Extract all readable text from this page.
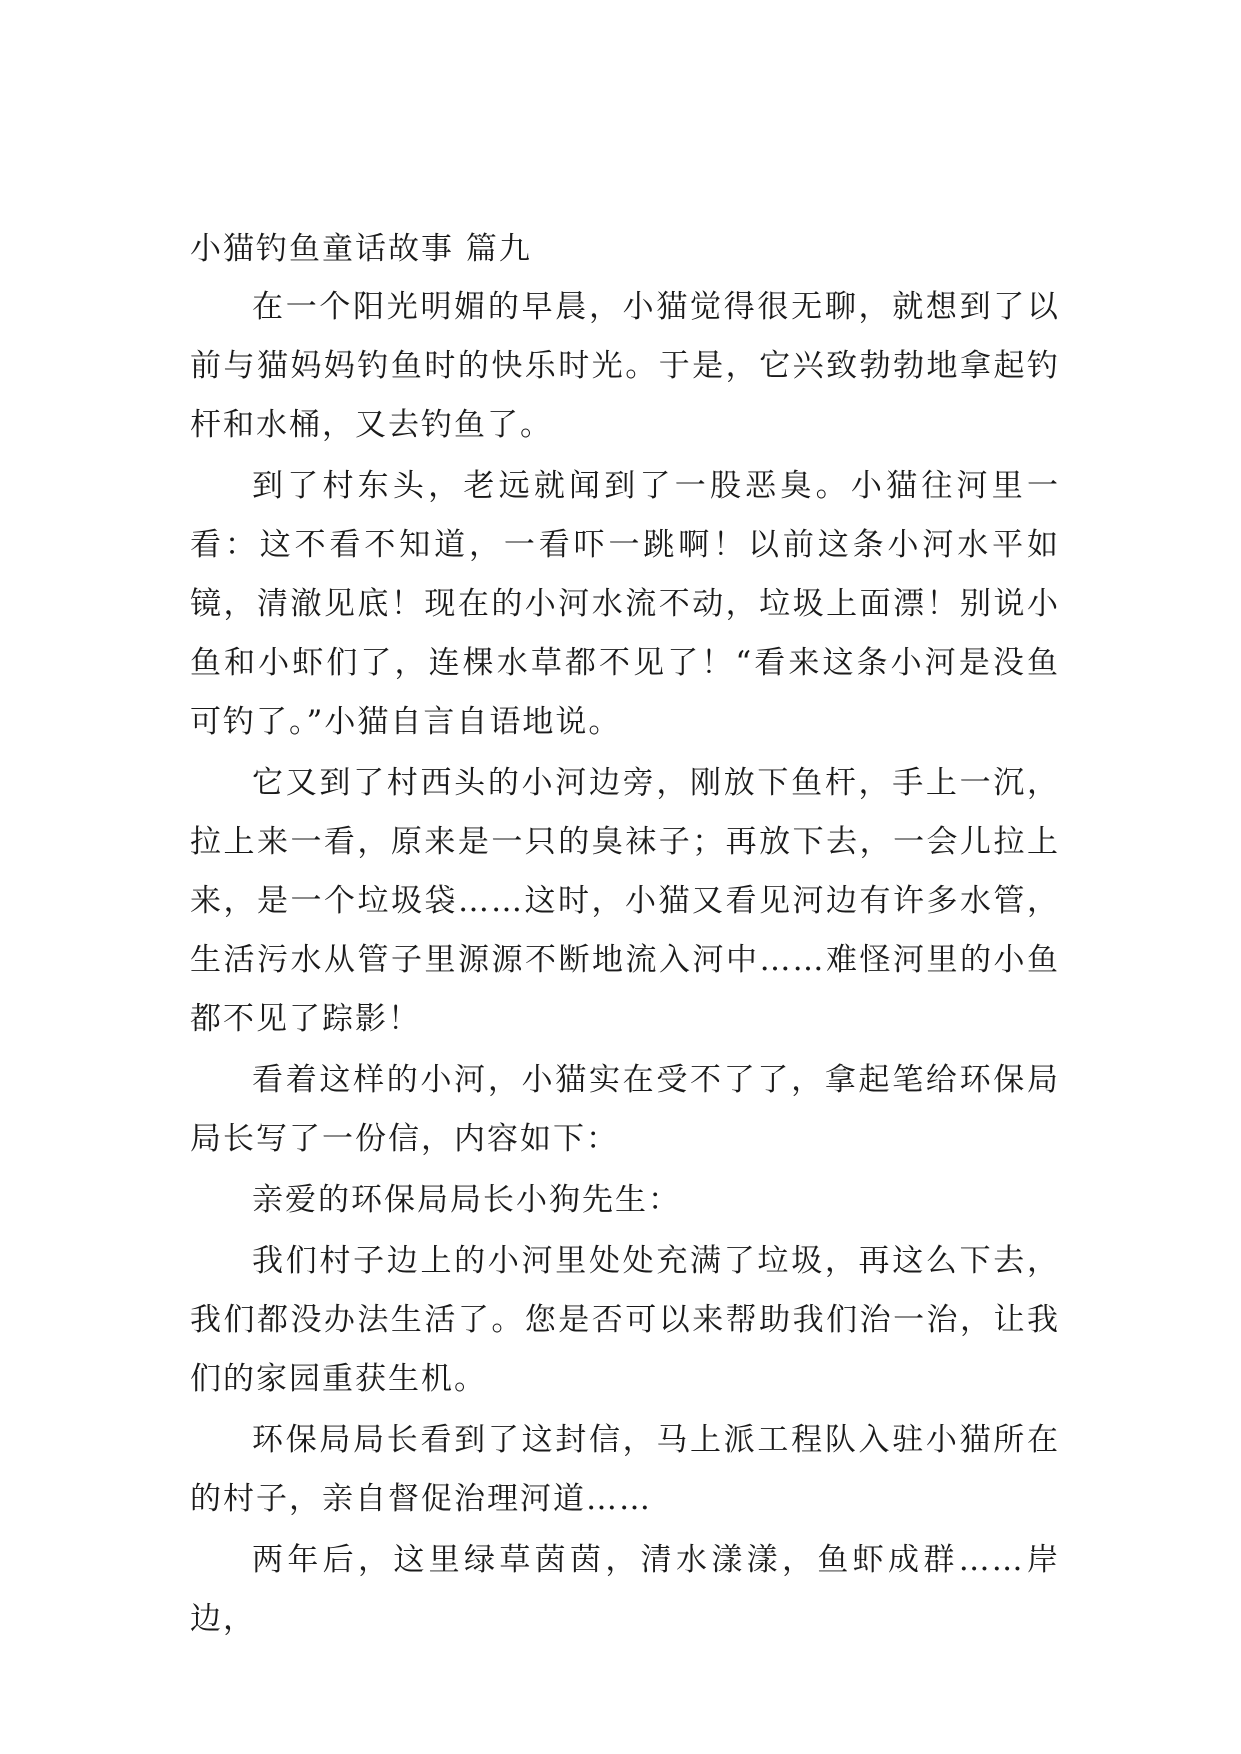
小猫钓鱼童话故事 篇九

在一个阳光明媚的早晨，小猫觉得很无聊，就想到了以前与猫妈妈钓鱼时的快乐时光。于是，它兴致勃勃地拿起钓杆和水桶，又去钓鱼了。

到了村东头，老远就闻到了一股恶臭。小猫往河里一看：这不看不知道，一看吓一跳啊！以前这条小河水平如镜，清澈见底！现在的小河水流不动，垃圾上面漂！别说小鱼和小虾们了，连棵水草都不见了！“看来这条小河是没鱼可钓了。”小猫自言自语地说。

它又到了村西头的小河边旁，刚放下鱼杆，手上一沉，拉上来一看，原来是一只的臭袜子；再放下去，一会儿拉上来，是一个垃圾袋……这时，小猫又看见河边有许多水管，生活污水从管子里源源不断地流入河中……难怪河里的小鱼都不见了踪影！

看着这样的小河，小猫实在受不了了，拿起笔给环保局局长写了一份信，内容如下：

亲爱的环保局局长小狗先生：

我们村子边上的小河里处处充满了垃圾，再这么下去，我们都没办法生活了。您是否可以来帮助我们治一治，让我们的家园重获生机。

环保局局长看到了这封信，马上派工程队入驻小猫所在的村子，亲自督促治理河道……

两年后，这里绿草茵茵，清水漾漾，鱼虾成群……岸边，
